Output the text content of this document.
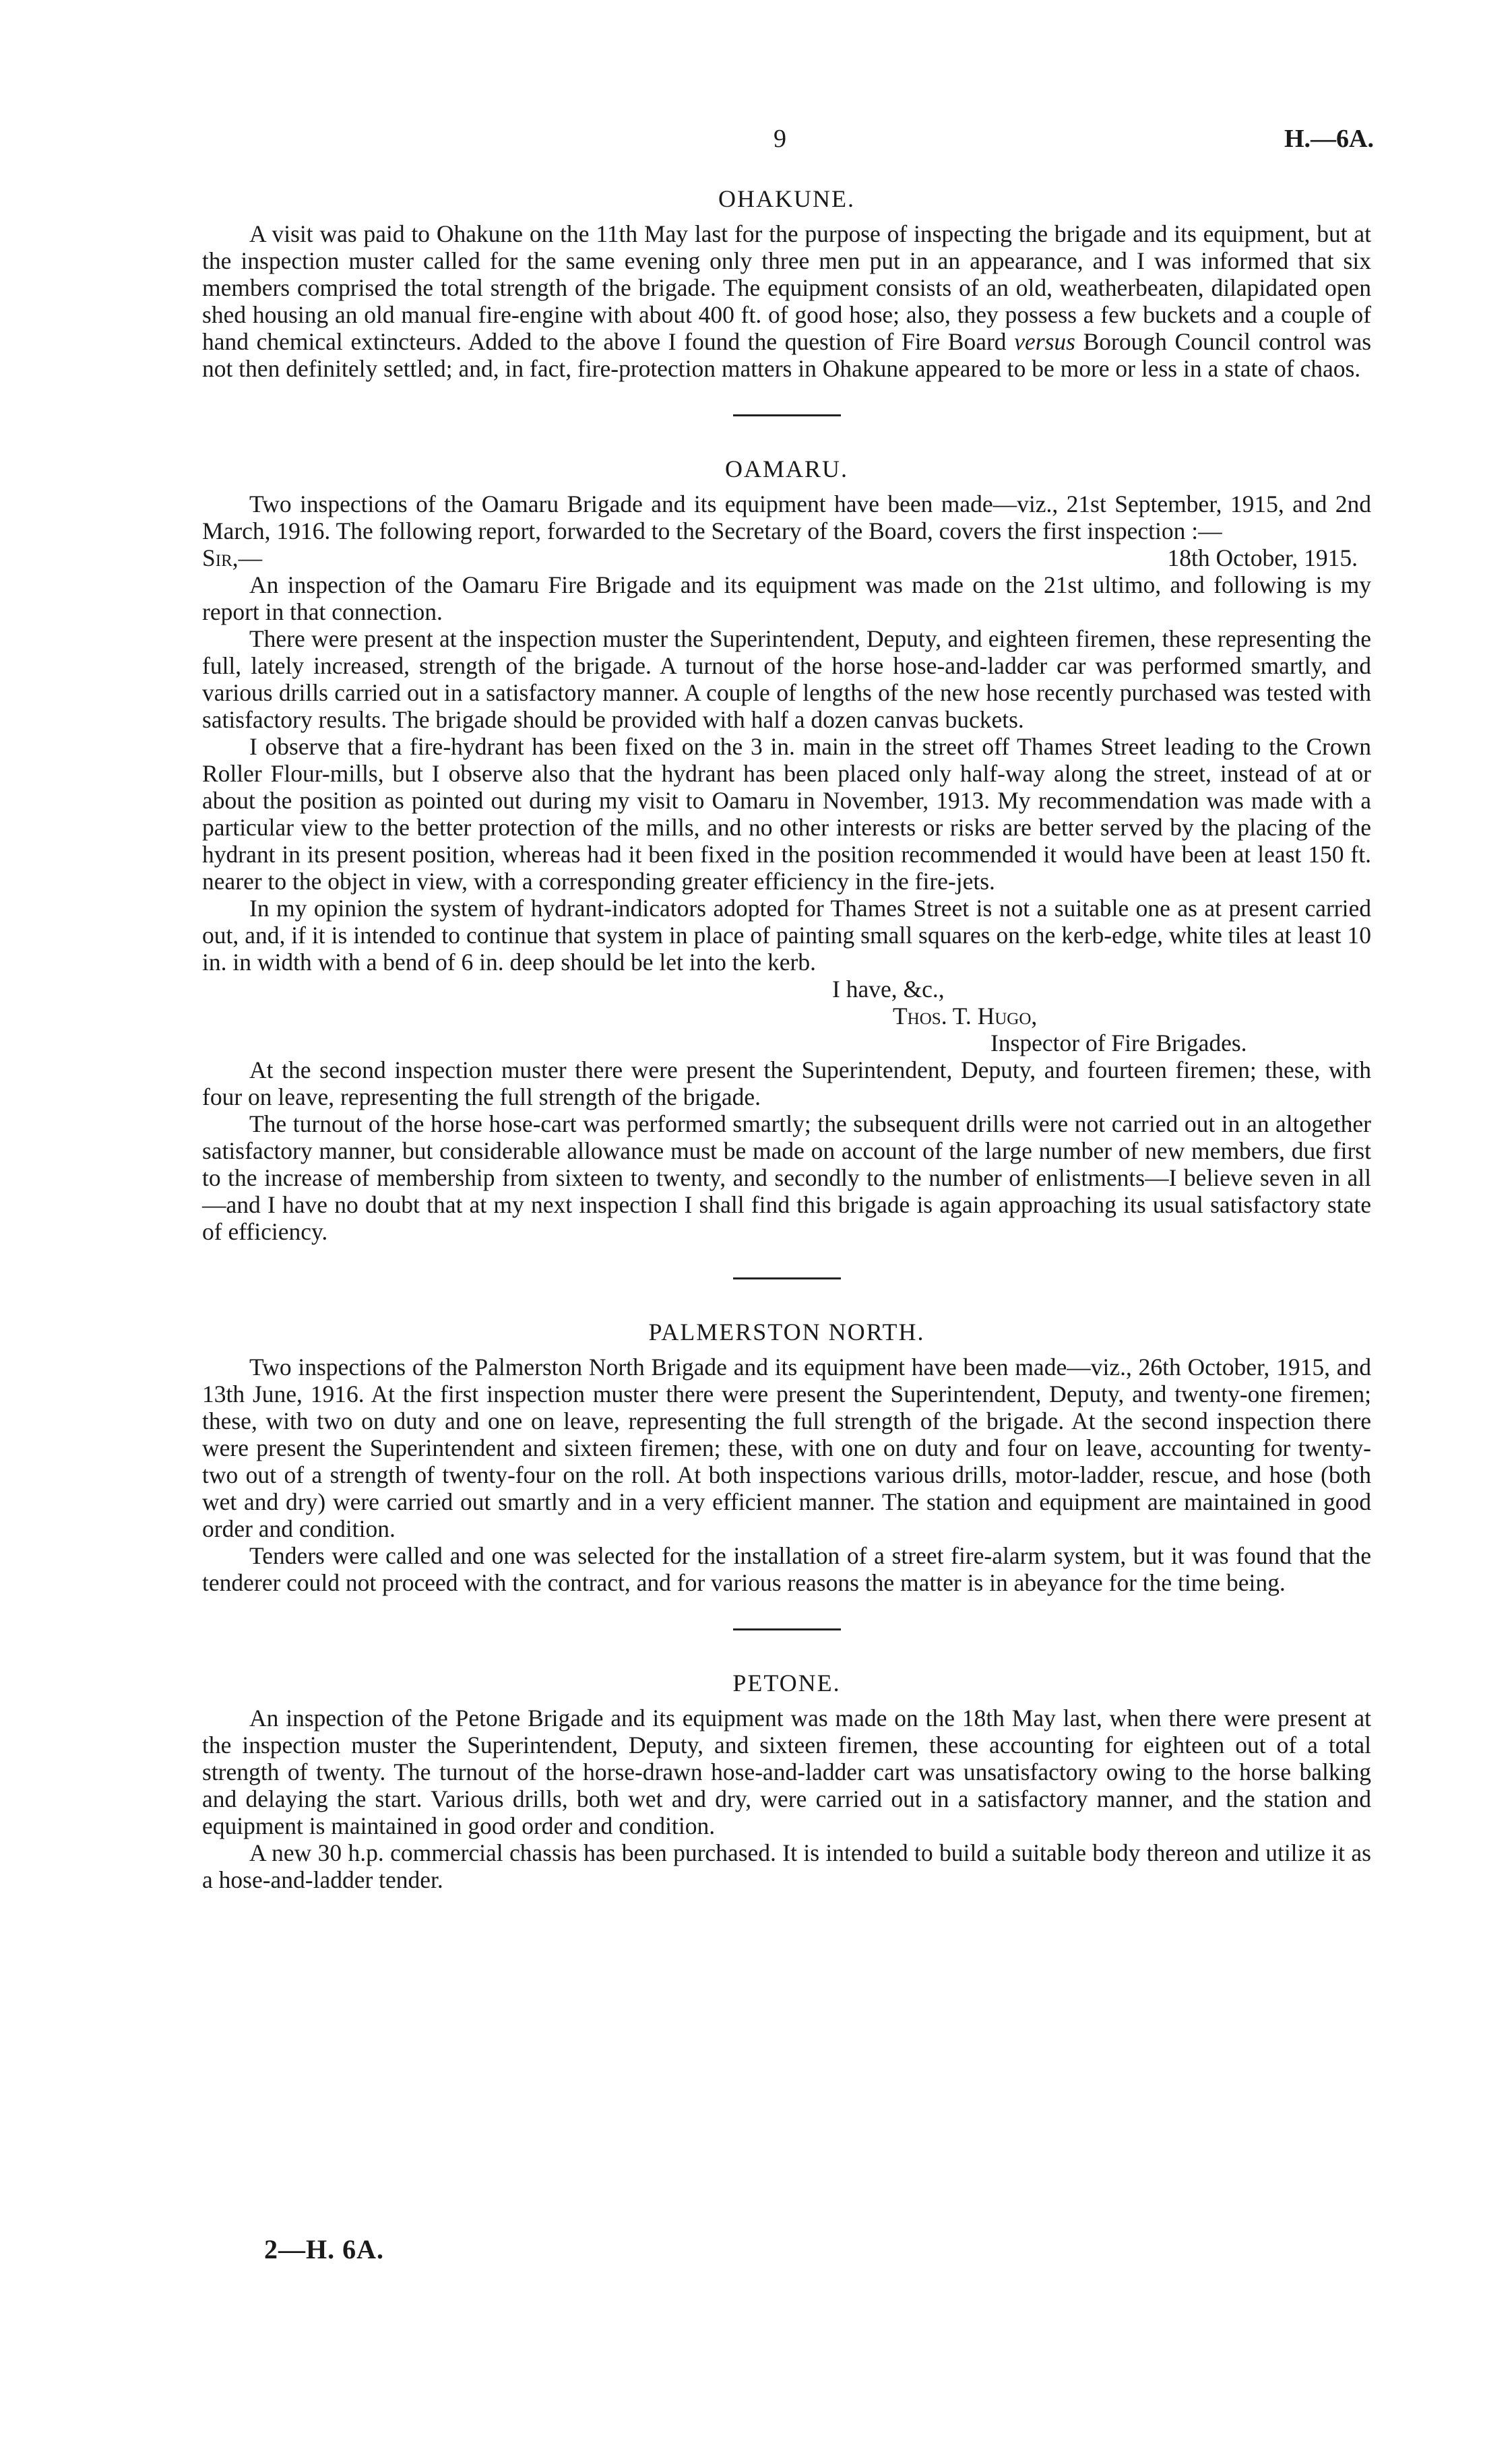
9	H.—6A.
OHAKUNE.

A visit was paid to Ohakune on the 11th May last for the purpose of inspecting the brigade and its equipment, but at the inspection muster called for the same evening only three men put in an appearance, and I was informed that six members comprised the total strength of the brigade. The equipment consists of an old, weatherbeaten, dilapidated open shed housing an old manual fire-engine with about 400 ft. of good hose; also, they possess a few buckets and a couple of hand chemical extincteurs. Added to the above I found the question of Fire Board versus Borough Council control was not then definitely settled; and, in fact, fire-protection matters in Ohakune appeared to be more or less in a state of chaos.

OAMARU.

Two inspections of the Oamaru Brigade and its equipment have been made—viz., 21st September, 1915, and 2nd March, 1916. The following report, forwarded to the Secretary of the Board, covers the first inspection :—

Sir,—	18th October, 1915.

An inspection of the Oamaru Fire Brigade and its equipment was made on the 21st ultimo, and following is my report in that connection.

There were present at the inspection muster the Superintendent, Deputy, and eighteen firemen, these representing the full, lately increased, strength of the brigade. A turnout of the horse hose-and-ladder car was performed smartly, and various drills carried out in a satisfactory manner. A couple of lengths of the new hose recently purchased was tested with satisfactory results. The brigade should be provided with half a dozen canvas buckets.

I observe that a fire-hydrant has been fixed on the 3 in. main in the street off Thames Street leading to the Crown Roller Flour-mills, but I observe also that the hydrant has been placed only half-way along the street, instead of at or about the position as pointed out during my visit to Oamaru in November, 1913. My recommendation was made with a particular view to the better protection of the mills, and no other interests or risks are better served by the placing of the hydrant in its present position, whereas had it been fixed in the position recommended it would have been at least 150 ft. nearer to the object in view, with a corresponding greater efficiency in the fire-jets.

In my opinion the system of hydrant-indicators adopted for Thames Street is not a suitable one as at present carried out, and, if it is intended to continue that system in place of painting small squares on the kerb-edge, white tiles at least 10 in. in width with a bend of 6 in. deep should be let into the kerb.

I have, &c.,
Thos. T. Hugo,
Inspector of Fire Brigades.

At the second inspection muster there were present the Superintendent, Deputy, and fourteen firemen; these, with four on leave, representing the full strength of the brigade.

The turnout of the horse hose-cart was performed smartly; the subsequent drills were not carried out in an altogether satisfactory manner, but considerable allowance must be made on account of the large number of new members, due first to the increase of membership from sixteen to twenty, and secondly to the number of enlistments—I believe seven in all—and I have no doubt that at my next inspection I shall find this brigade is again approaching its usual satisfactory state of efficiency.

PALMERSTON NORTH.

Two inspections of the Palmerston North Brigade and its equipment have been made—viz., 26th October, 1915, and 13th June, 1916. At the first inspection muster there were present the Superintendent, Deputy, and twenty-one firemen; these, with two on duty and one on leave, representing the full strength of the brigade. At the second inspection there were present the Superintendent and sixteen firemen; these, with one on duty and four on leave, accounting for twenty-two out of a strength of twenty-four on the roll. At both inspections various drills, motor-ladder, rescue, and hose (both wet and dry) were carried out smartly and in a very efficient manner. The station and equipment are maintained in good order and condition.

Tenders were called and one was selected for the installation of a street fire-alarm system, but it was found that the tenderer could not proceed with the contract, and for various reasons the matter is in abeyance for the time being.

PETONE.

An inspection of the Petone Brigade and its equipment was made on the 18th May last, when there were present at the inspection muster the Superintendent, Deputy, and sixteen firemen, these accounting for eighteen out of a total strength of twenty. The turnout of the horse-drawn hose-and-ladder cart was unsatisfactory owing to the horse balking and delaying the start. Various drills, both wet and dry, were carried out in a satisfactory manner, and the station and equipment is maintained in good order and condition.

A new 30 h.p. commercial chassis has been purchased. It is intended to build a suitable body thereon and utilize it as a hose-and-ladder tender.

2—H. 6A.
